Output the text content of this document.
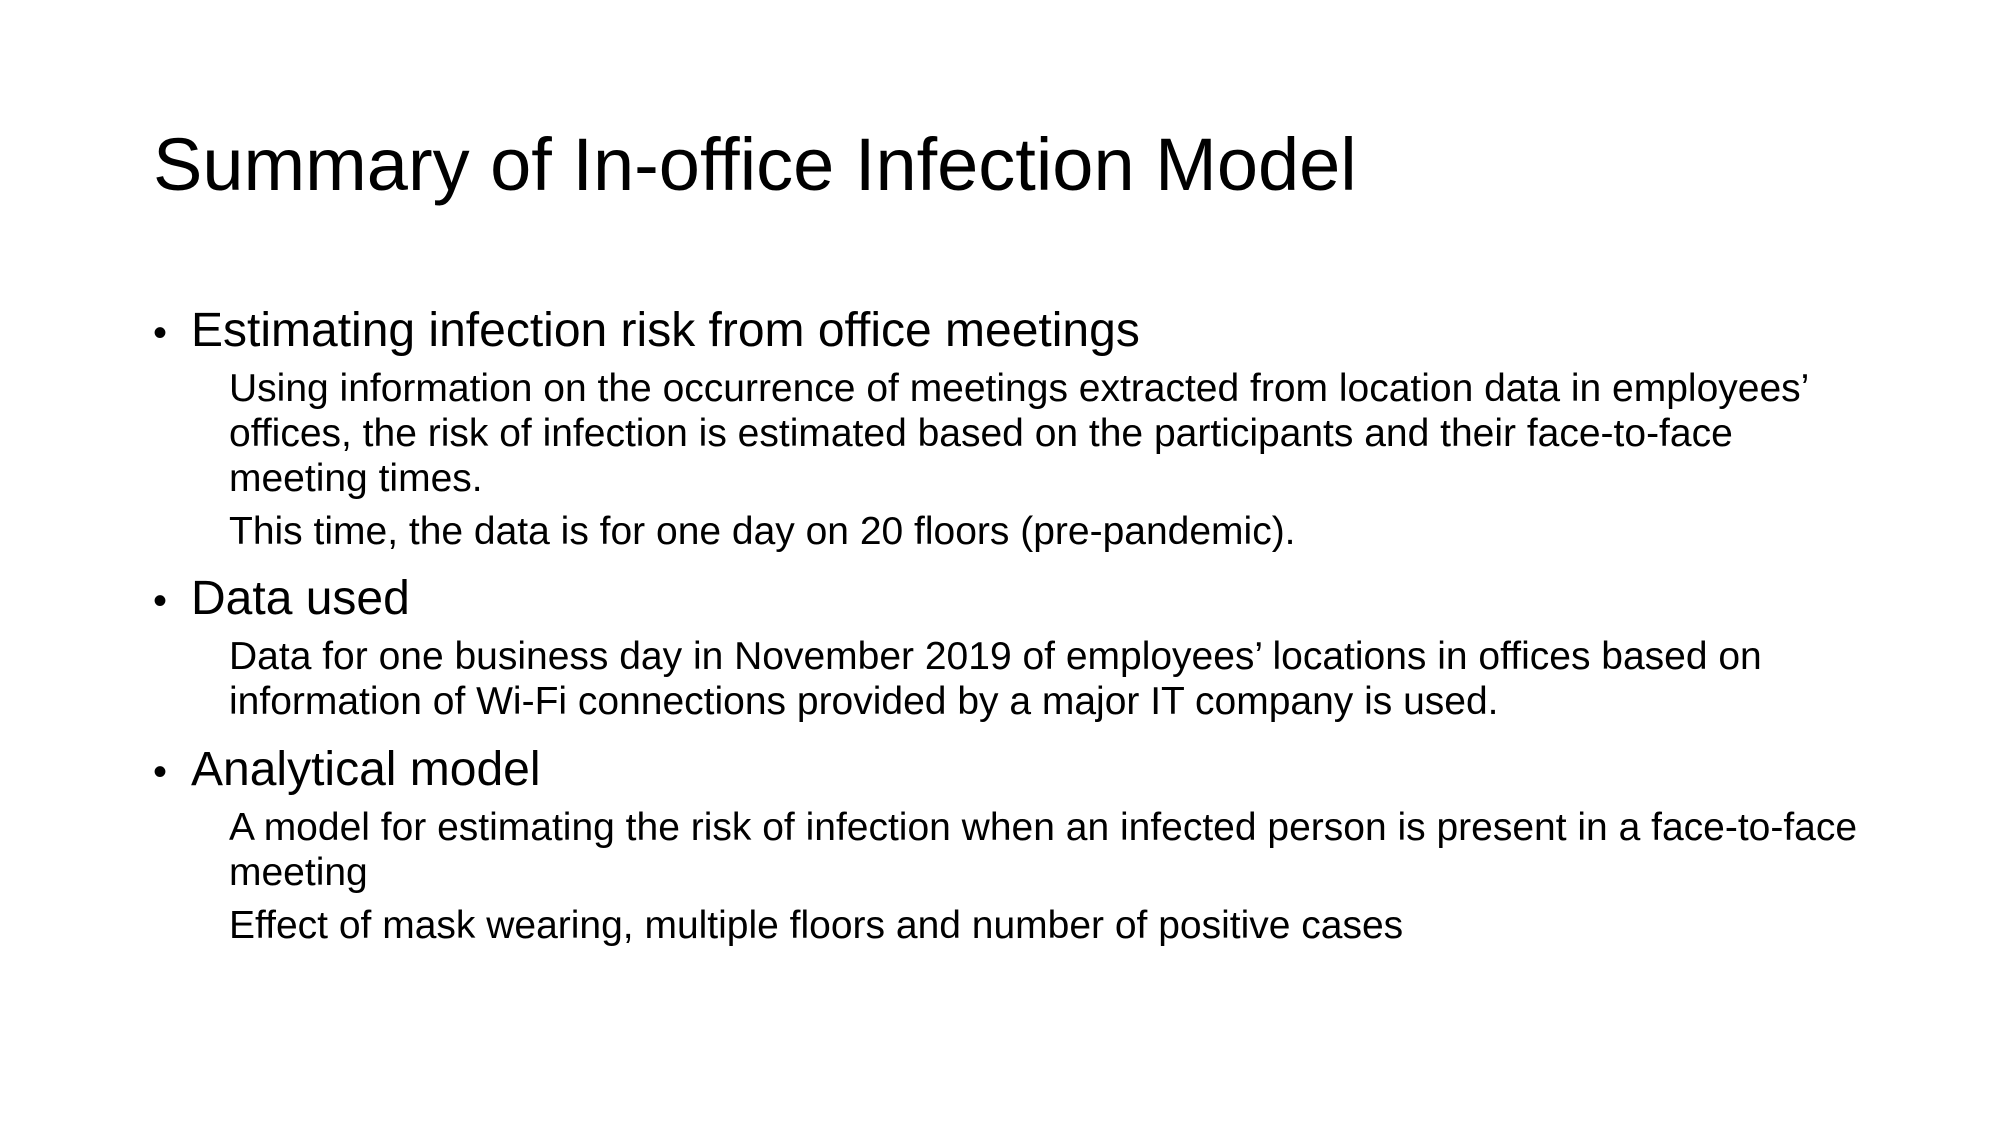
Summary of In-office Infection Model
• Estimating infection risk from office meetings
Using information on the occurrence of meetings extracted from location data in employees’ offices, the risk of infection is estimated based on the participants and their face-to-face meeting times.
This time, the data is for one day on 20 floors (pre-pandemic).
• Data used
Data for one business day in November 2019 of employees’ locations in offices based on information of Wi-Fi connections provided by a major IT company is used.
• Analytical model
A model for estimating the risk of infection when an infected person is present in a face-to-face meeting
Effect of mask wearing, multiple floors and number of positive cases
